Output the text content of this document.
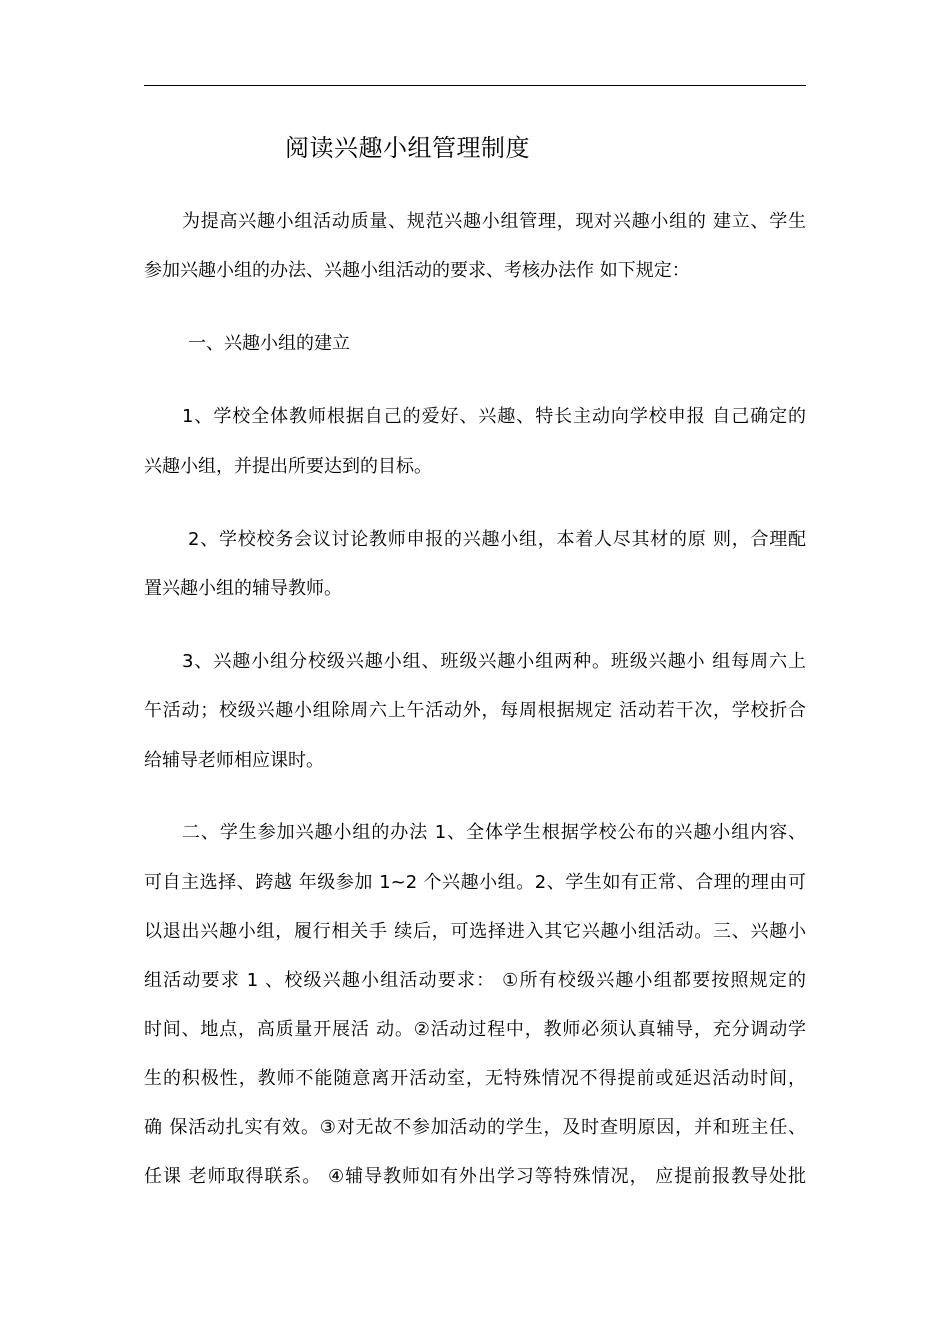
阅读兴趣小组管理制度
为提高兴趣小组活动质量、规范兴趣小组管理，现对兴趣小组的 建立、学生
参加兴趣小组的办法、兴趣小组活动的要求、考核办法作 如下规定：
一、兴趣小组的建立
1、学校全体教师根据自己的爱好、兴趣、特长主动向学校申报 自己确定的
兴趣小组，并提出所要达到的目标。
2、学校校务会议讨论教师申报的兴趣小组，本着人尽其材的原 则，合理配
置兴趣小组的辅导教师。
3、兴趣小组分校级兴趣小组、班级兴趣小组两种。班级兴趣小 组每周六上
午活动；校级兴趣小组除周六上午活动外，每周根据规定 活动若干次，学校折合
给辅导老师相应课时。
二、学生参加兴趣小组的办法 1、全体学生根据学校公布的兴趣小组内容、
可自主选择、跨越 年级参加 1~2 个兴趣小组。2、学生如有正常、合理的理由可
以退出兴趣小组，履行相关手 续后，可选择进入其它兴趣小组活动。三、兴趣小
组活动要求 1 、校级兴趣小组活动要求： ①所有校级兴趣小组都要按照规定的
时间、地点，高质量开展活 动。②活动过程中，教师必须认真辅导，充分调动学
生的积极性，教师不能随意离开活动室，无特殊情况不得提前或延迟活动时间，
确 保活动扎实有效。③对无故不参加活动的学生，及时查明原因，并和班主任、
任课 老师取得联系。 ④辅导教师如有外出学习等特殊情况， 应提前报教导处批
